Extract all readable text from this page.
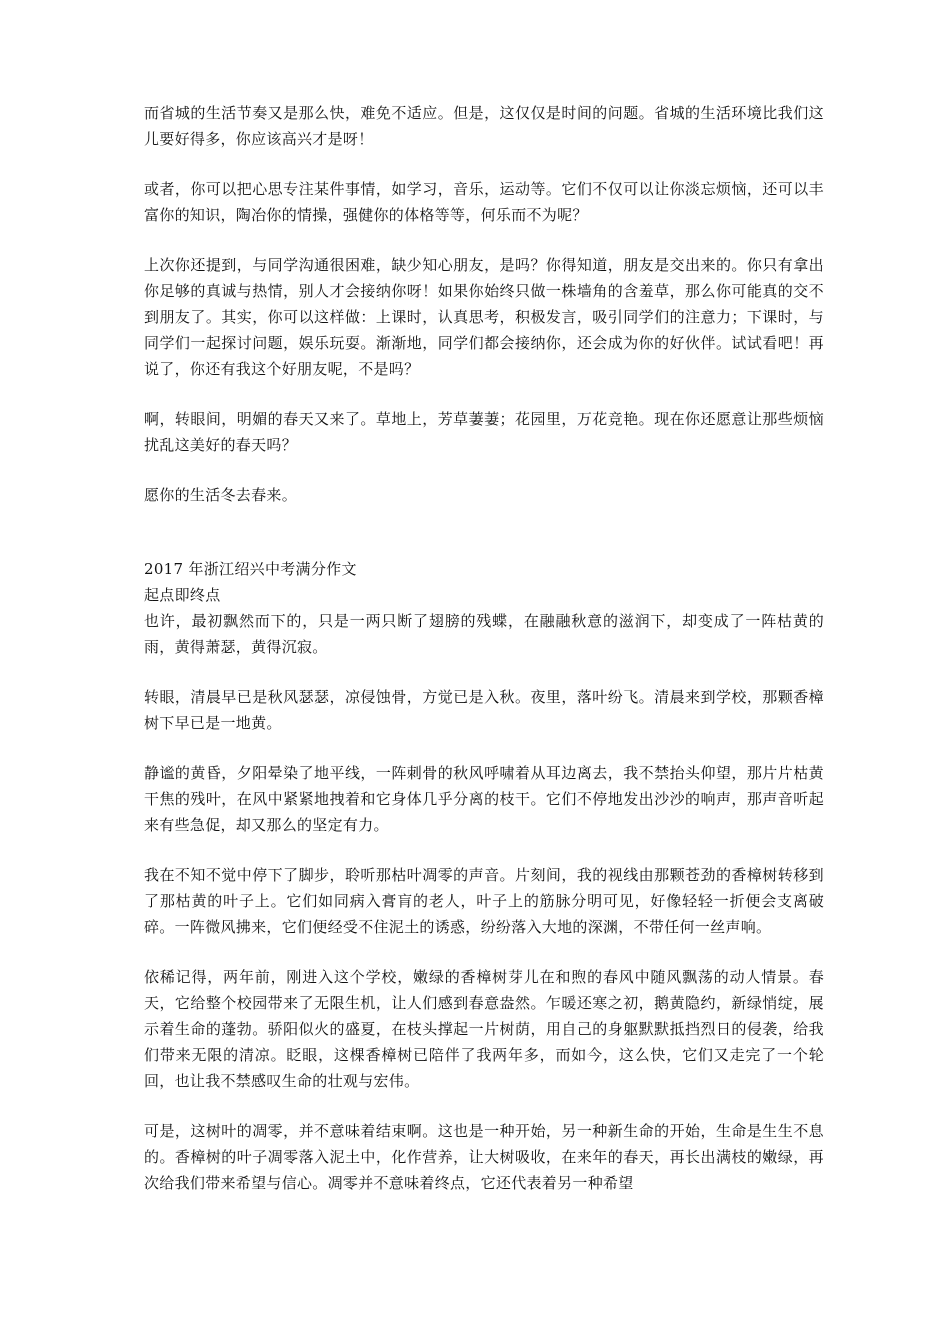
而省城的生活节奏又是那么快，难免不适应。但是，这仅仅是时间的问题。省城的生活环境比我们这儿要好得多，你应该高兴才是呀！

或者，你可以把心思专注某件事情，如学习，音乐，运动等。它们不仅可以让你淡忘烦恼，还可以丰富你的知识，陶冶你的情操，强健你的体格等等，何乐而不为呢？

上次你还提到，与同学沟通很困难，缺少知心朋友，是吗？你得知道，朋友是交出来的。你只有拿出你足够的真诚与热情，别人才会接纳你呀！如果你始终只做一株墙角的含羞草，那么你可能真的交不到朋友了。其实，你可以这样做：上课时，认真思考，积极发言，吸引同学们的注意力；下课时，与同学们一起探讨问题，娱乐玩耍。渐渐地，同学们都会接纳你，还会成为你的好伙伴。试试看吧！再说了，你还有我这个好朋友呢，不是吗？

啊，转眼间，明媚的春天又来了。草地上，芳草萋萋；花园里，万花竞艳。现在你还愿意让那些烦恼扰乱这美好的春天吗？

愿你的生活冬去春来。

2017 年浙江绍兴中考满分作文

起点即终点

也许，最初飘然而下的，只是一两只断了翅膀的残蝶，在融融秋意的滋润下，却变成了一阵枯黄的雨，黄得萧瑟，黄得沉寂。

转眼，清晨早已是秋风瑟瑟，凉侵蚀骨，方觉已是入秋。夜里，落叶纷飞。清晨来到学校，那颗香樟树下早已是一地黄。

静谧的黄昏，夕阳晕染了地平线，一阵刺骨的秋风呼啸着从耳边离去，我不禁抬头仰望，那片片枯黄干焦的残叶，在风中紧紧地拽着和它身体几乎分离的枝干。它们不停地发出沙沙的响声，那声音听起来有些急促，却又那么的坚定有力。

我在不知不觉中停下了脚步，聆听那枯叶凋零的声音。片刻间，我的视线由那颗苍劲的香樟树转移到了那枯黄的叶子上。它们如同病入膏肓的老人，叶子上的筋脉分明可见，好像轻轻一折便会支离破碎。一阵微风拂来，它们便经受不住泥土的诱惑，纷纷落入大地的深渊，不带任何一丝声响。

依稀记得，两年前，刚进入这个学校，嫩绿的香樟树芽儿在和煦的春风中随风飘荡的动人情景。春天，它给整个校园带来了无限生机，让人们感到春意盎然。乍暖还寒之初，鹅黄隐约，新绿悄绽，展示着生命的蓬勃。骄阳似火的盛夏，在枝头撑起一片树荫，用自己的身躯默默抵挡烈日的侵袭，给我们带来无限的清凉。眨眼，这棵香樟树已陪伴了我两年多，而如今，这么快，它们又走完了一个轮回，也让我不禁感叹生命的壮观与宏伟。

可是，这树叶的凋零，并不意味着结束啊。这也是一种开始，另一种新生命的开始，生命是生生不息的。香樟树的叶子凋零落入泥土中，化作营养，让大树吸收，在来年的春天，再长出满枝的嫩绿，再次给我们带来希望与信心。凋零并不意味着终点，它还代表着另一种希望
